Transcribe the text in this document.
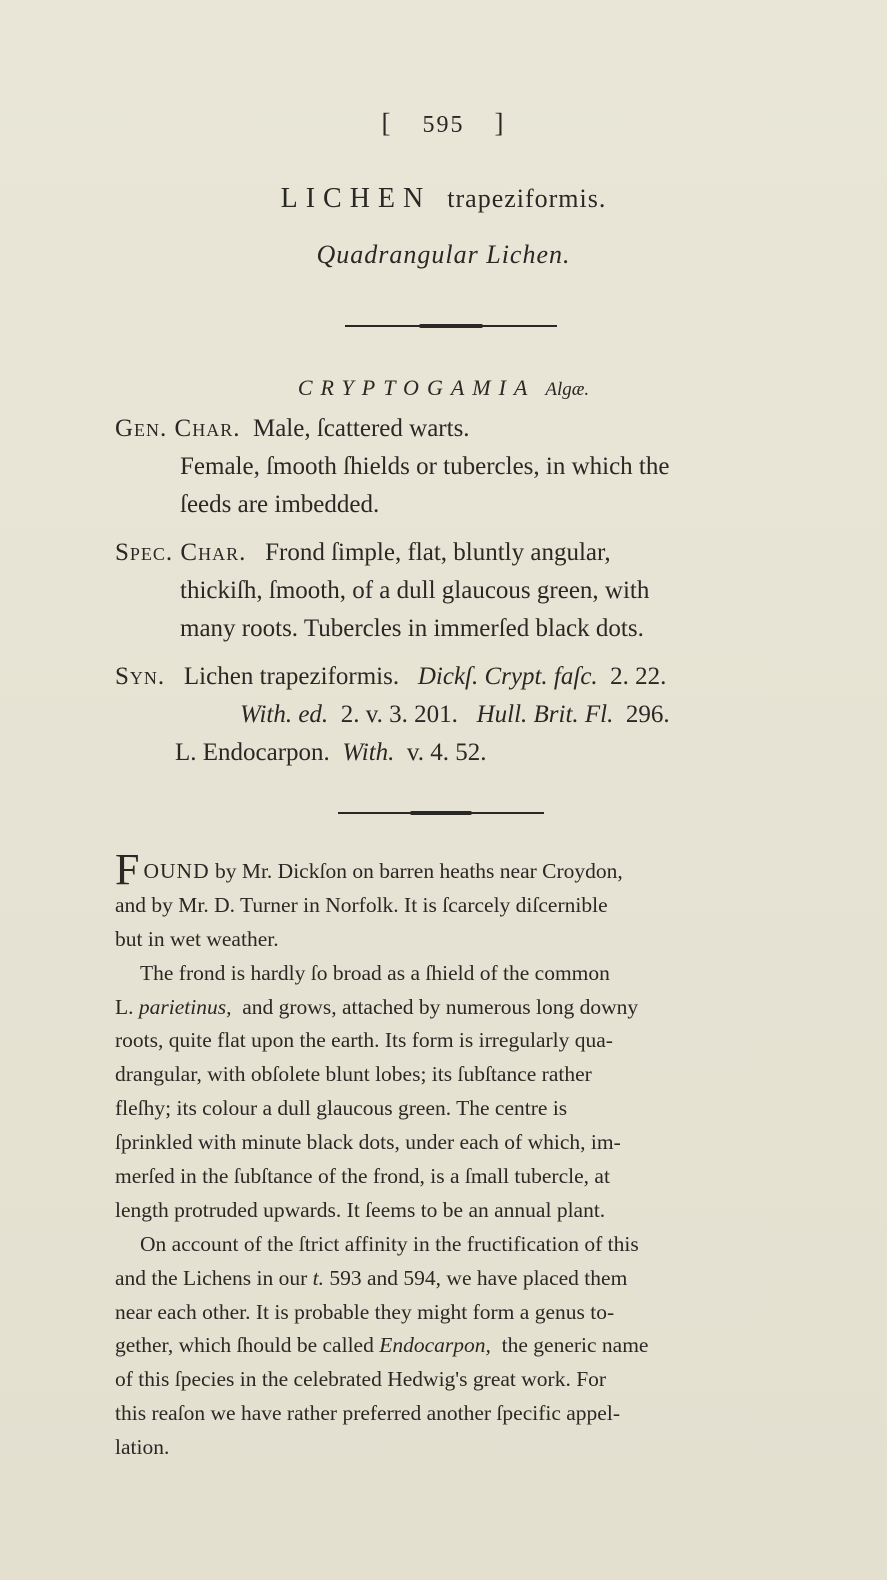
[ 595 ]
LICHEN trapeziformis.
Quadrangular Lichen.
CRYPTOGAMIA Algæ.
Gen. Char. Male, ſcattered warts.
Female, ſmooth ſhields or tubercles, in which the
ſeeds are imbedded.
Spec. Char. Frond ſimple, flat, bluntly angular,
thickiſh, ſmooth, of a dull glaucous green, with
many roots. Tubercles in immerſed black dots.
Syn. Lichen trapeziformis. Dickſ. Crypt. faſc. 2. 22.
With. ed. 2. v. 3. 201. Hull. Brit. Fl. 296.
L. Endocarpon. With. v. 4. 52.
FOUND by Mr. Dickſon on barren heaths near Croydon,
and by Mr. D. Turner in Norfolk. It is ſcarcely diſcernible
but in wet weather.
The frond is hardly ſo broad as a ſhield of the common
L. parietinus, and grows, attached by numerous long downy
roots, quite flat upon the earth. Its form is irregularly qua-
drangular, with obſolete blunt lobes; its ſubſtance rather
fleſhy; its colour a dull glaucous green. The centre is
ſprinkled with minute black dots, under each of which, im-
merſed in the ſubſtance of the frond, is a ſmall tubercle, at
length protruded upwards. It ſeems to be an annual plant.
On account of the ſtrict affinity in the fructification of this
and the Lichens in our t. 593 and 594, we have placed them
near each other. It is probable they might form a genus to-
gether, which ſhould be called Endocarpon, the generic name
of this ſpecies in the celebrated Hedwig's great work. For
this reaſon we have rather preferred another ſpecific appel-
lation.
